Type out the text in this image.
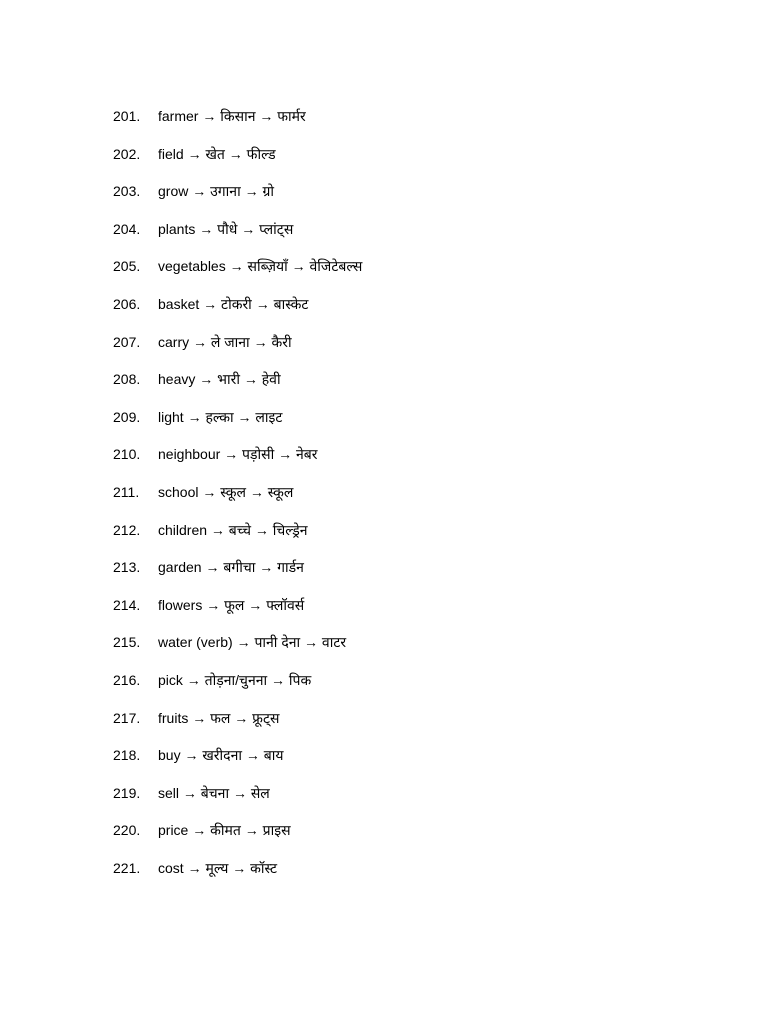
201.	farmer → किसान → फार्मर
202.	field → खेत → फील्ड
203.	grow → उगाना → ग्रो
204.	plants → पौधे → प्लांट्स
205.	vegetables → सब्ज़ियाँ → वेजिटेबल्स
206.	basket → टोकरी → बास्केट
207.	carry → ले जाना → कैरी
208.	heavy → भारी → हेवी
209.	light → हल्का → लाइट
210.	neighbour → पड़ोसी → नेबर
211.	school → स्कूल → स्कूल
212.	children → बच्चे → चिल्ड्रेन
213.	garden → बगीचा → गार्डन
214.	flowers → फूल → फ्लॉवर्स
215.	water (verb) → पानी देना → वाटर
216.	pick → तोड़ना/चुनना → पिक
217.	fruits → फल → फ्रूट्स
218.	buy → खरीदना → बाय
219.	sell → बेचना → सेल
220.	price → कीमत → प्राइस
221.	cost → मूल्य → कॉस्ट
